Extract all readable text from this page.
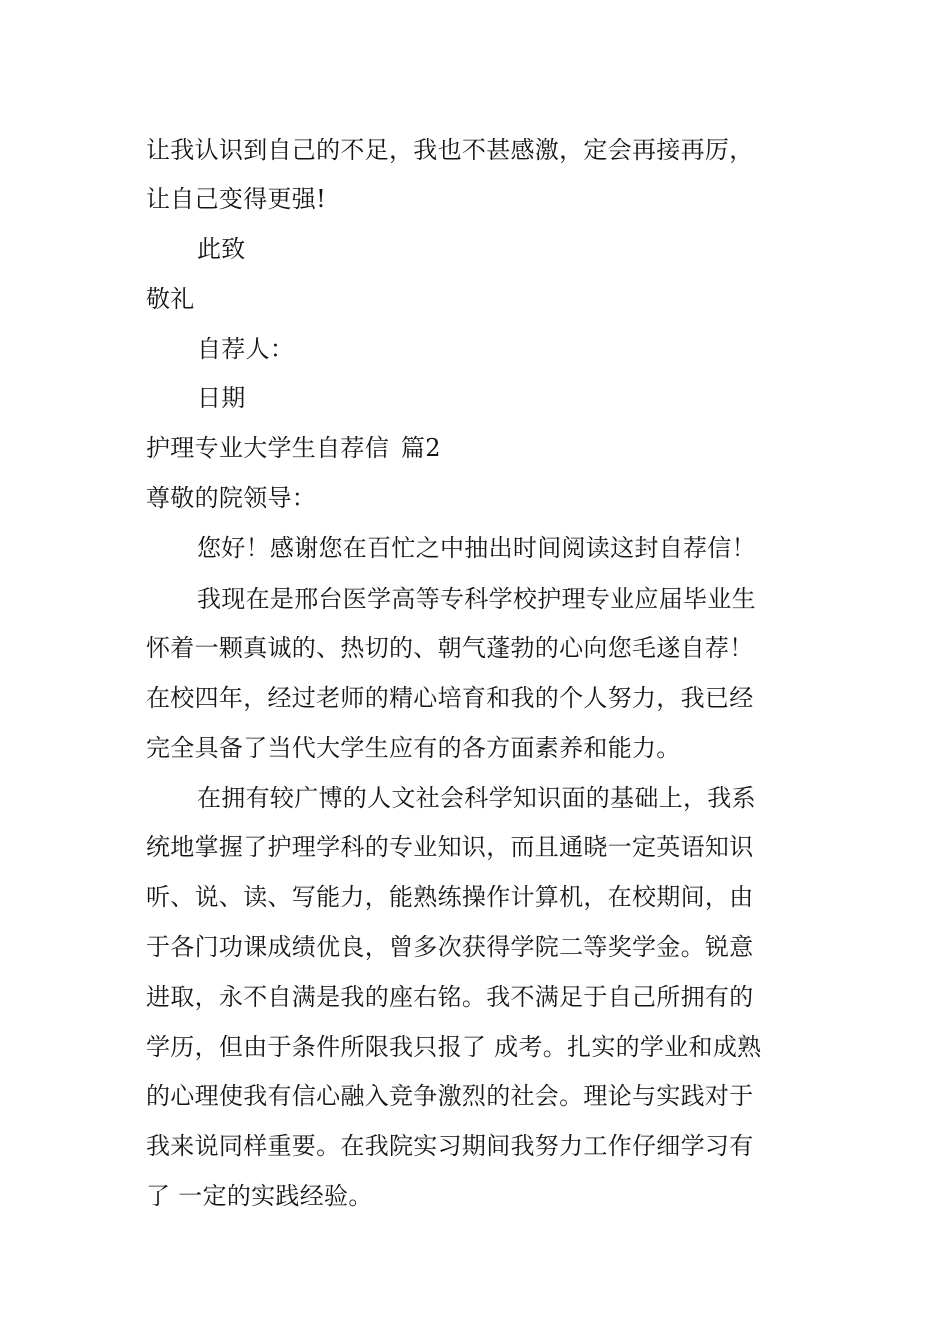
让我认识到自己的不足，我也不甚感激，定会再接再厉，
让自己变得更强!
此致
敬礼
自荐人：
日期
护理专业大学生自荐信 篇2
尊敬的院领导：
您好！感谢您在百忙之中抽出时间阅读这封自荐信！
我现在是邢台医学高等专科学校护理专业应届毕业生
怀着一颗真诚的、热切的、朝气蓬勃的心向您毛遂自荐！
在校四年，经过老师的精心培育和我的个人努力，我已经
完全具备了当代大学生应有的各方面素养和能力。
在拥有较广博的人文社会科学知识面的基础上，我系
统地掌握了护理学科的专业知识，而且通晓一定英语知识
听、说、读、写能力，能熟练操作计算机，在校期间，由
于各门功课成绩优良，曾多次获得学院二等奖学金。锐意
进取，永不自满是我的座右铭。我不满足于自己所拥有的
学历，但由于条件所限我只报了 成考。扎实的学业和成熟
的心理使我有信心融入竞争激烈的社会。理论与实践对于
我来说同样重要。在我院实习期间我努力工作仔细学习有
了 一定的实践经验。
